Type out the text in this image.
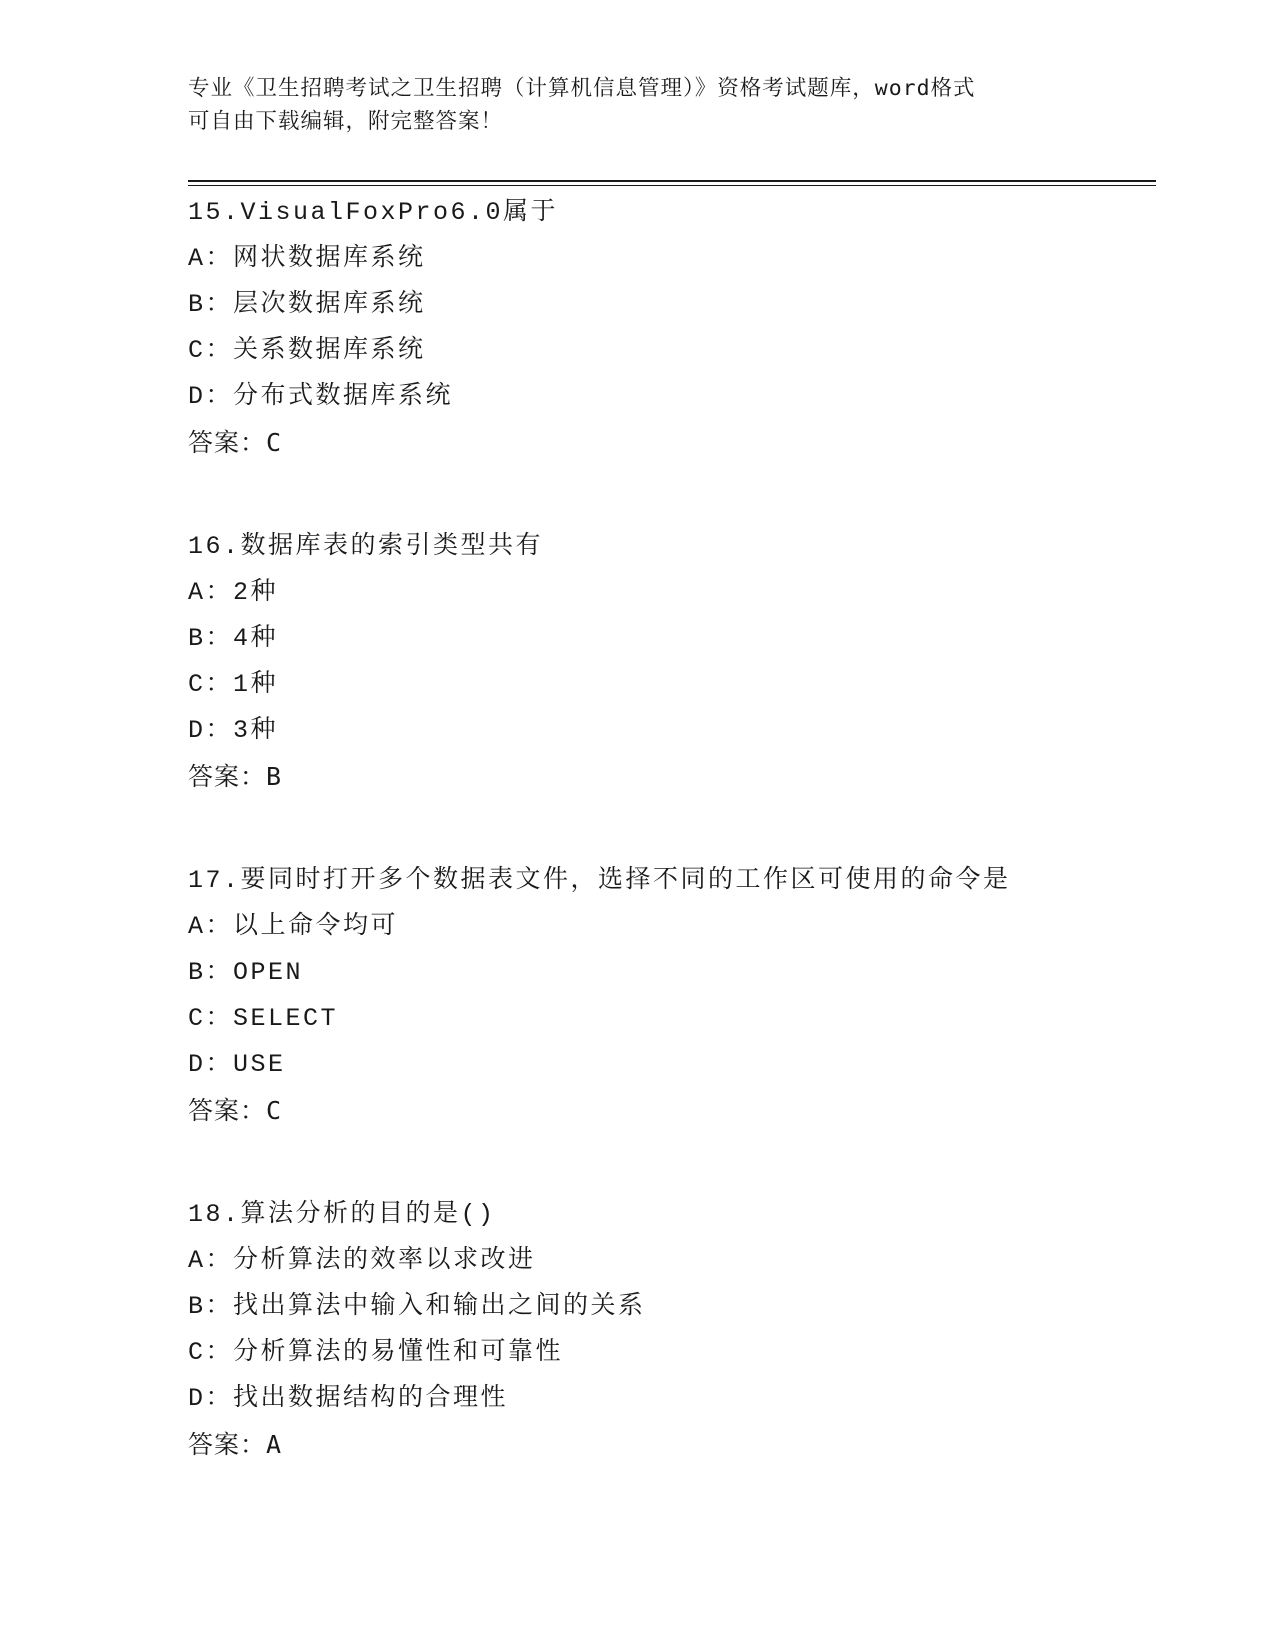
专业《卫生招聘考试之卫生招聘（计算机信息管理）》资格考试题库，word格式
可自由下载编辑，附完整答案！
15.VisualFoxPro6.0属于
A：网状数据库系统
B：层次数据库系统
C：关系数据库系统
D：分布式数据库系统
答案：C
16.数据库表的索引类型共有
A：2种
B：4种
C：1种
D：3种
答案：B
17.要同时打开多个数据表文件，选择不同的工作区可使用的命令是
A：以上命令均可
B：OPEN
C：SELECT
D：USE
答案：C
18.算法分析的目的是()
A：分析算法的效率以求改进
B：找出算法中输入和输出之间的关系
C：分析算法的易懂性和可靠性
D：找出数据结构的合理性
答案：A
